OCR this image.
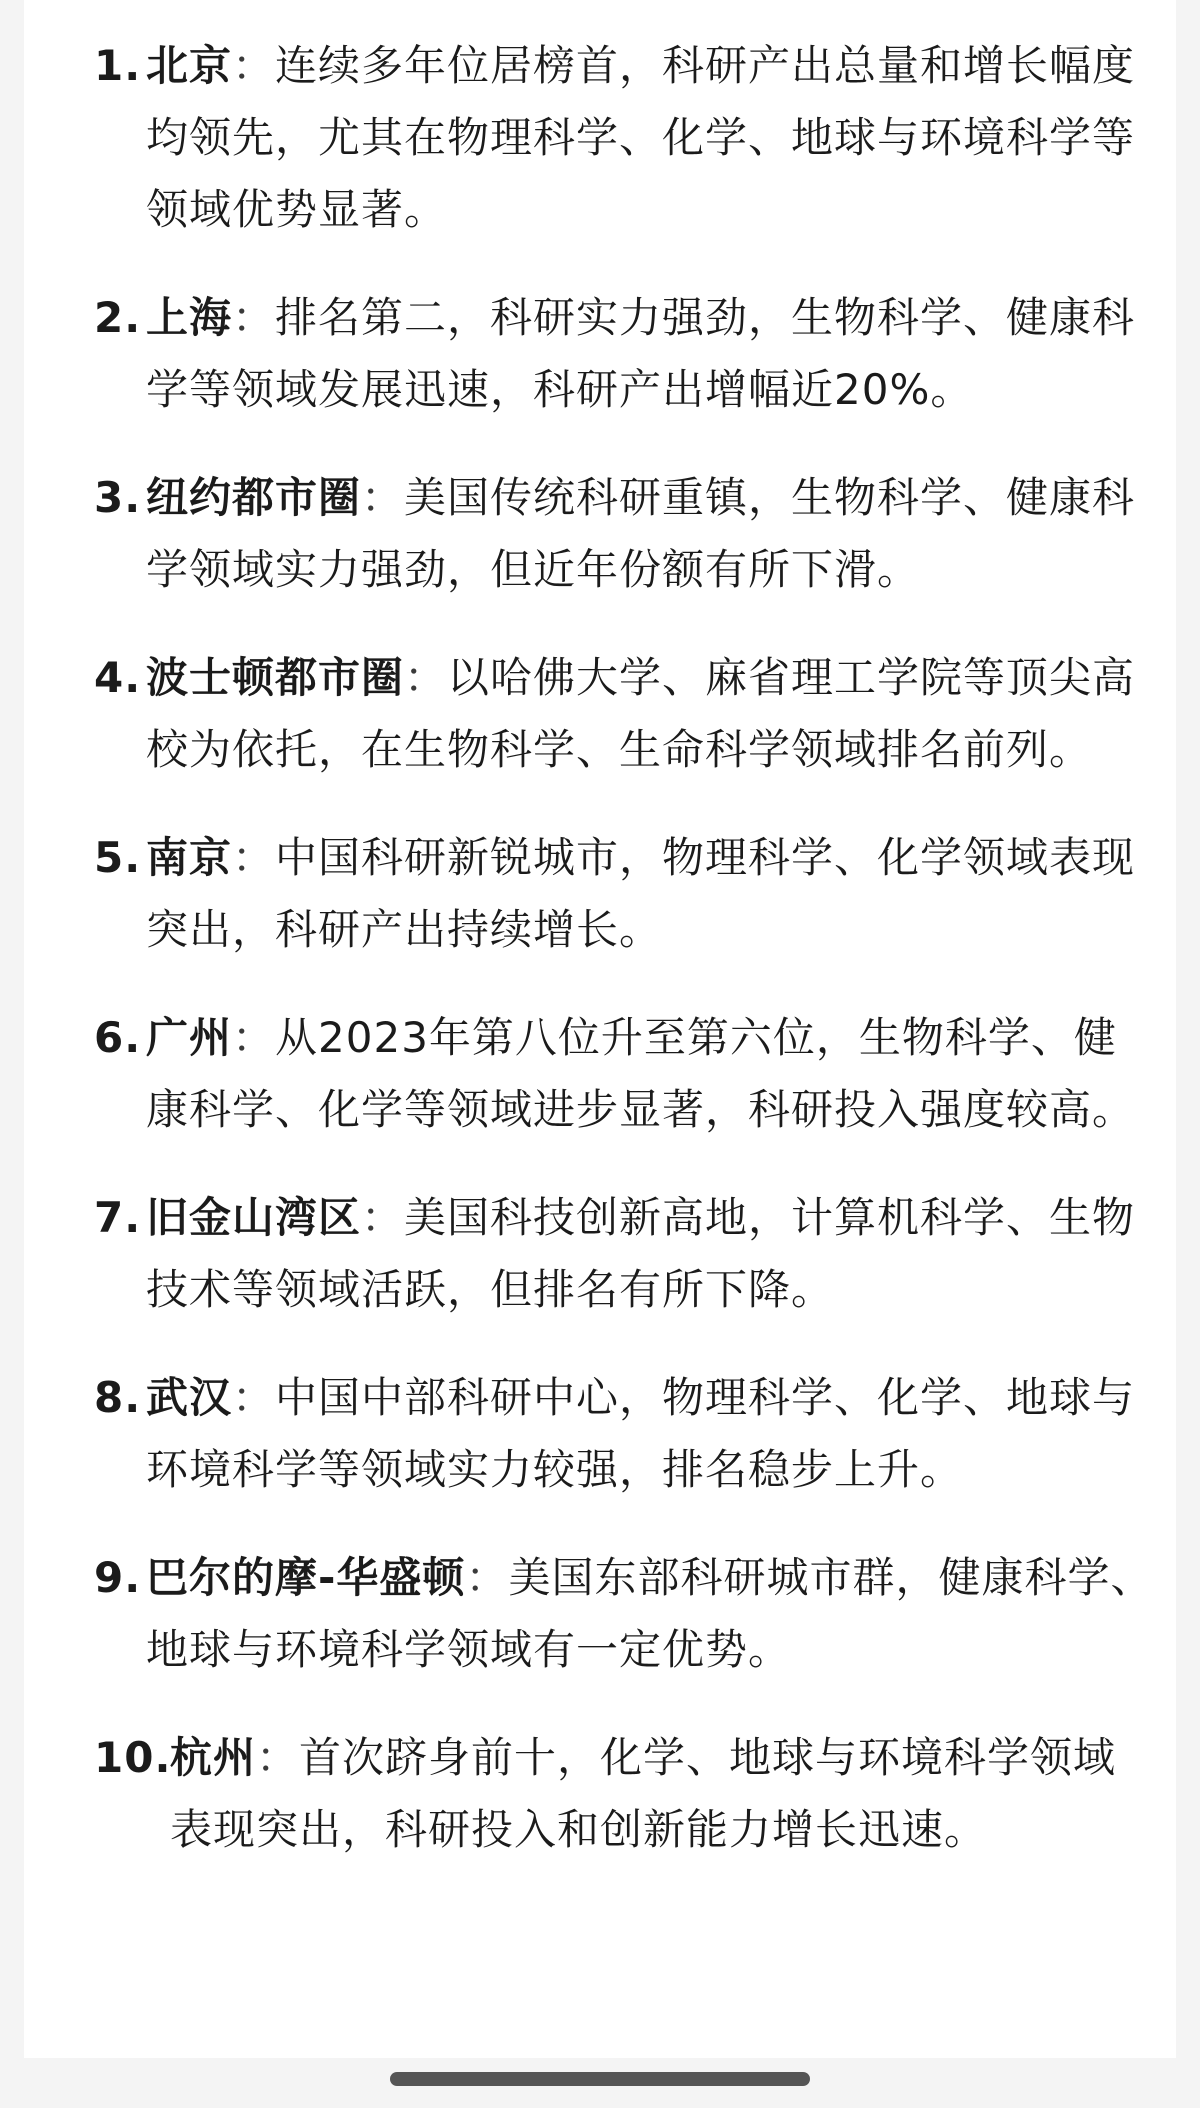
1. 北京：连续多年位居榜首，科研产出总量和增长幅度均领先，尤其在物理科学、化学、地球与环境科学等领域优势显著。
2. 上海：排名第二，科研实力强劲，生物科学、健康科学等领域发展迅速，科研产出增幅近20%。
3. 纽约都市圈：美国传统科研重镇，生物科学、健康科学领域实力强劲，但近年份额有所下滑。
4. 波士顿都市圈：以哈佛大学、麻省理工学院等顶尖高校为依托，在生物科学、生命科学领域排名前列。
5. 南京：中国科研新锐城市，物理科学、化学领域表现突出，科研产出持续增长。
6. 广州：从2023年第八位升至第六位，生物科学、健康科学、化学等领域进步显著，科研投入强度较高。
7. 旧金山湾区：美国科技创新高地，计算机科学、生物技术等领域活跃，但排名有所下降。
8. 武汉：中国中部科研中心，物理科学、化学、地球与环境科学等领域实力较强，排名稳步上升。
9. 巴尔的摩-华盛顿：美国东部科研城市群，健康科学、地球与环境科学领域有一定优势。
10.
杭州：首次跻身前十，化学、地球与环境科学领域表现突出，科研投入和创新能力增长迅速。
